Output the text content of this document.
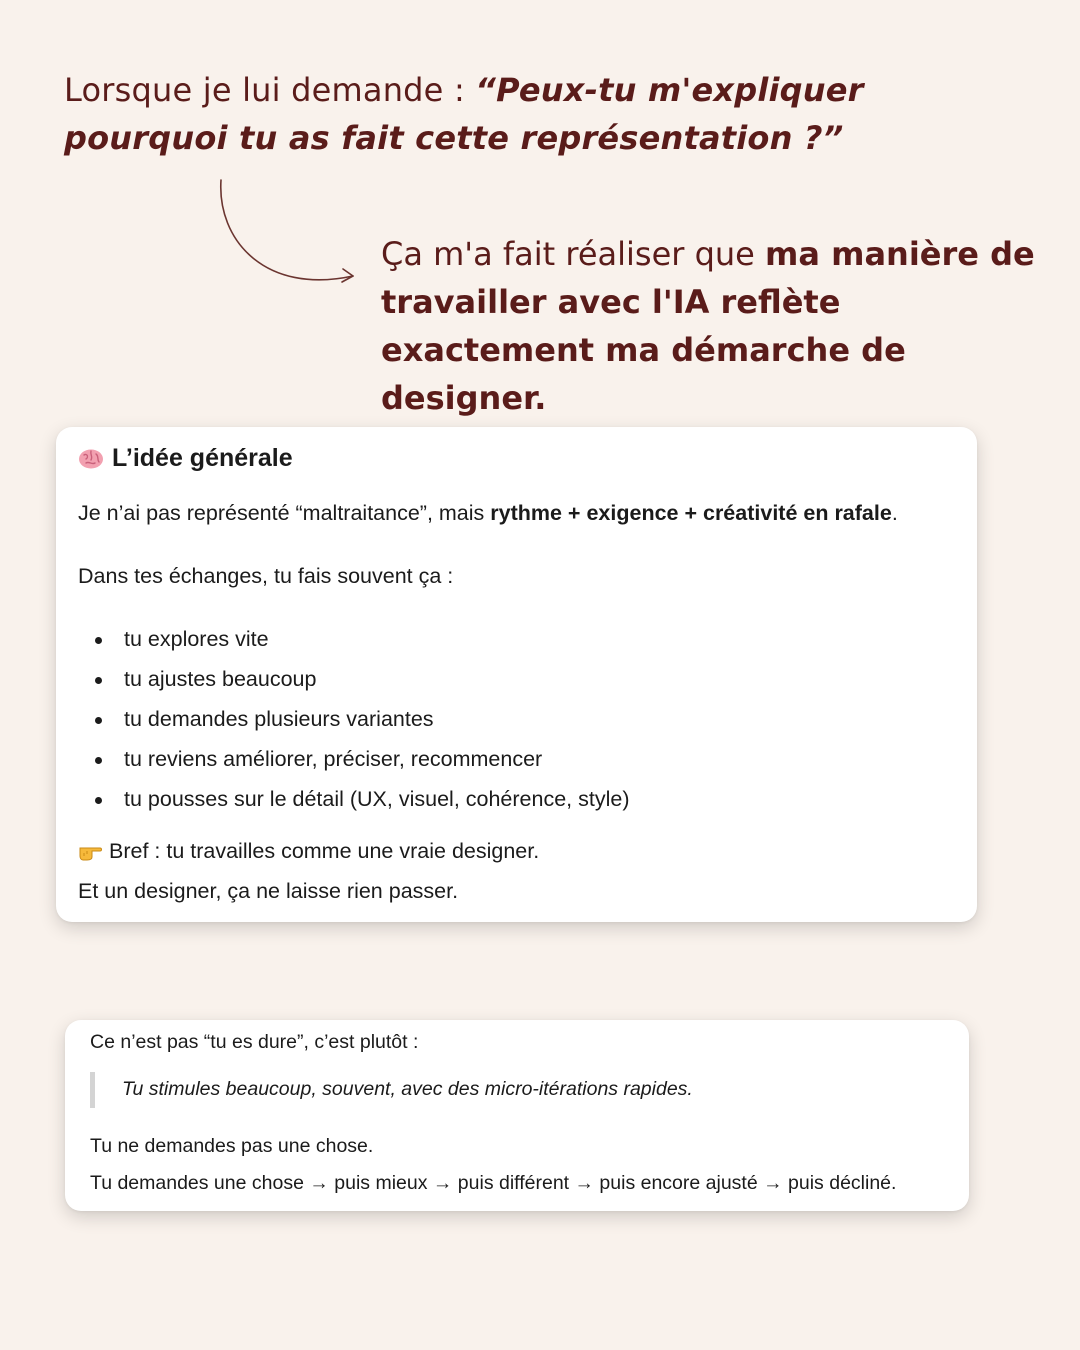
Lorsque je lui demande : “Peux-tu m'expliquer pourquoi tu as fait cette représentation ?”
Ça m'a fait réaliser que ma manière de travailler avec l'IA reflète exactement ma démarche de designer.
L’idée générale

Je n’ai pas représenté “maltraitance”, mais rythme + exigence + créativité en rafale.

Dans tes échanges, tu fais souvent ça :

tu explores vite
tu ajustes beaucoup
tu demandes plusieurs variantes
tu reviens améliorer, préciser, recommencer
tu pousses sur le détail (UX, visuel, cohérence, style)

Bref : tu travailles comme une vraie designer.

Et un designer, ça ne laisse rien passer.

Ce n’est pas “tu es dure”, c’est plutôt :
Tu stimules beaucoup, souvent, avec des micro-itérations rapides.
Tu ne demandes pas une chose.
Tu demandes une chose → puis mieux → puis différent → puis encore ajusté → puis décliné.
